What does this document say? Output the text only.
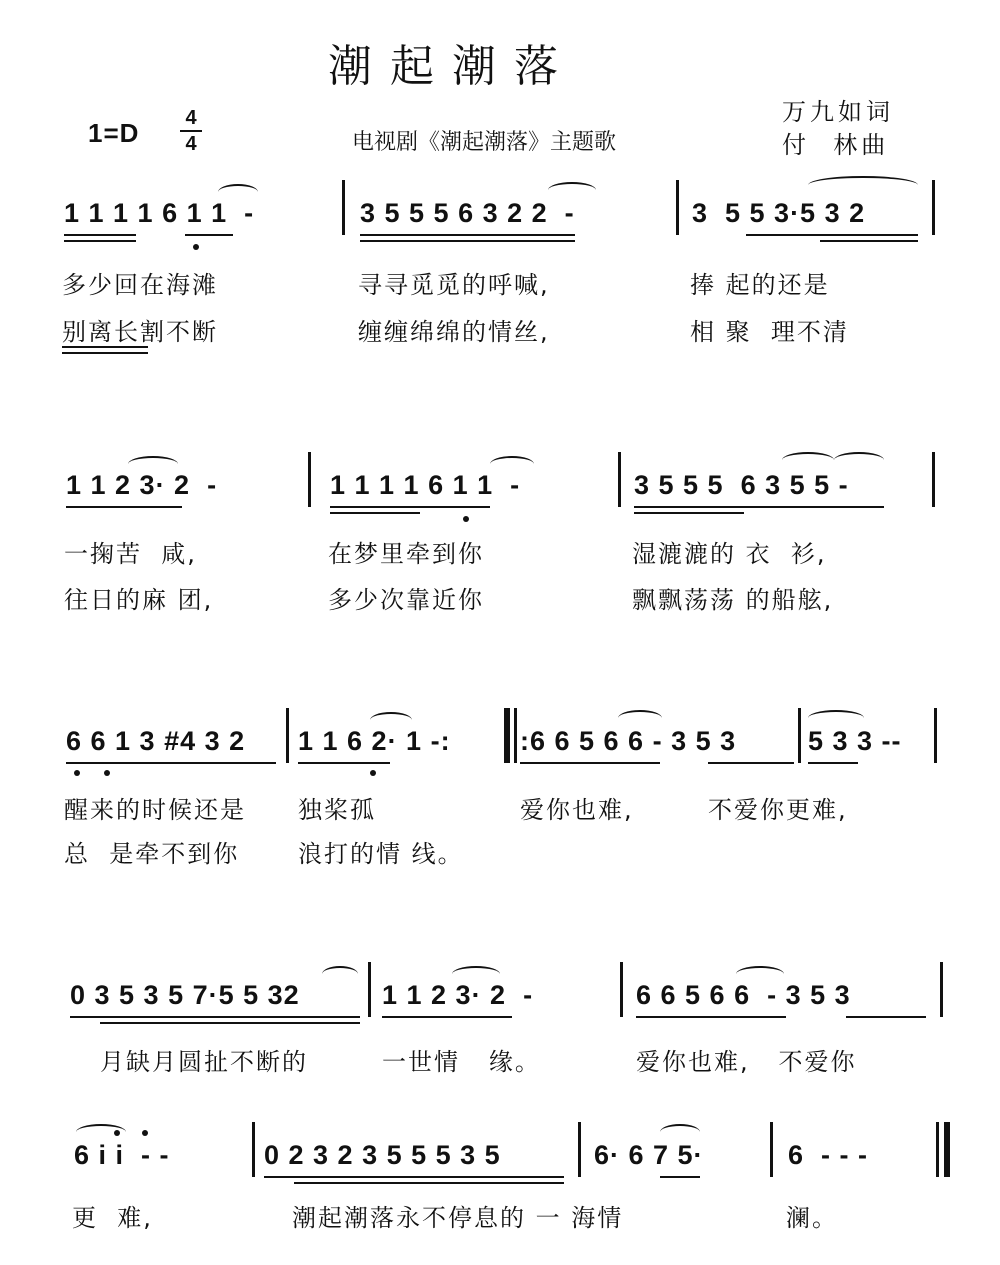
潮起潮落
1=D 4
4	电视剧《潮起潮落》主题歌
万九如词
付  林曲
1 1 1 1 6 1 1  -	3 5 5 5 6 3 2 2  -	3  5 5 3·5 3 2
多少回在海滩	寻寻觅觅的呼喊,	捧 起的还是
别离长割不断	缠缠绵绵的情丝,	相 聚  理不清
1 1 2 3· 2  -	1 1 1 1 6 1 1  -	3 5 5 5  6 3 5 5 -
一掬苦  咸,	在梦里牵到你	湿漉漉的 衣  衫,
往日的麻 团,	多少次靠近你	飘飘荡荡 的船舷,
6 6 1 3 #4 3 2 1 1 6 2· 1 -:	:6 6 5 6 6 - 3 5 3	5 3 3 --
醒来的时候还是 独桨孤	爱你也难,	不爱你更难,
总  是牵不到你 浪打的情 线。
0 3 5 3 5 7·5 5 32	1 1 2 3· 2  -	6 6 5 6 6  - 3 5 3
月缺月圆扯不断的	一世情   缘。	爱你也难,   不爱你
6 i i  - -	0 2 3 2 3 5 5 5 3 5	6· 6 7 5·	6  - - -
更  难,	潮起潮落永不停息的 一 海情	澜。
